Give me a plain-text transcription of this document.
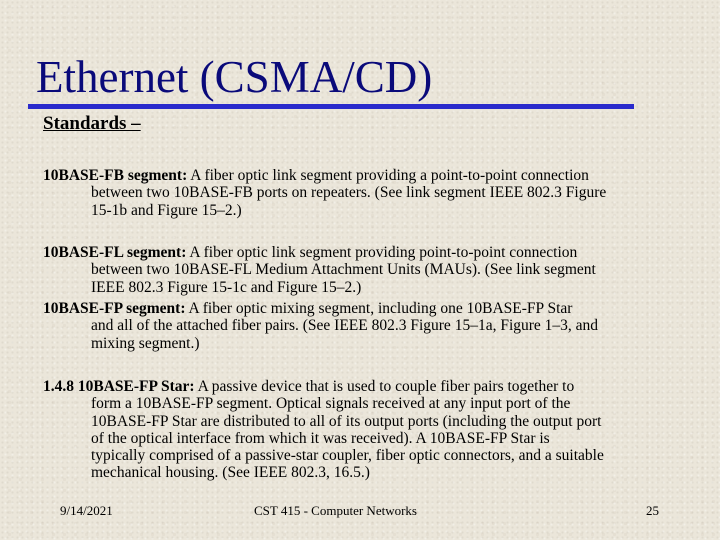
Ethernet (CSMA/CD)
Standards –
10BASE-FB segment: A fiber optic link segment providing a point-to-point connection
between two 10BASE-FB ports on repeaters. (See link segment IEEE 802.3 Figure
15-1b and Figure 15–2.)
10BASE-FL segment: A fiber optic link segment providing point-to-point connection
between two 10BASE-FL Medium Attachment Units (MAUs). (See link segment
IEEE 802.3 Figure 15-1c and Figure 15–2.)
10BASE-FP segment: A fiber optic mixing segment, including one 10BASE-FP Star
and all of the attached fiber pairs. (See IEEE 802.3 Figure 15–1a, Figure 1–3, and
mixing segment.)
1.4.8 10BASE-FP Star: A passive device that is used to couple fiber pairs together to
form a 10BASE-FP segment. Optical signals received at any input port of the
10BASE-FP Star are distributed to all of its output ports (including the output port
of the optical interface from which it was received). A 10BASE-FP Star is
typically comprised of a passive-star coupler, fiber optic connectors, and a suitable
mechanical housing. (See IEEE 802.3, 16.5.)
9/14/2021	CST 415 - Computer Networks	25
